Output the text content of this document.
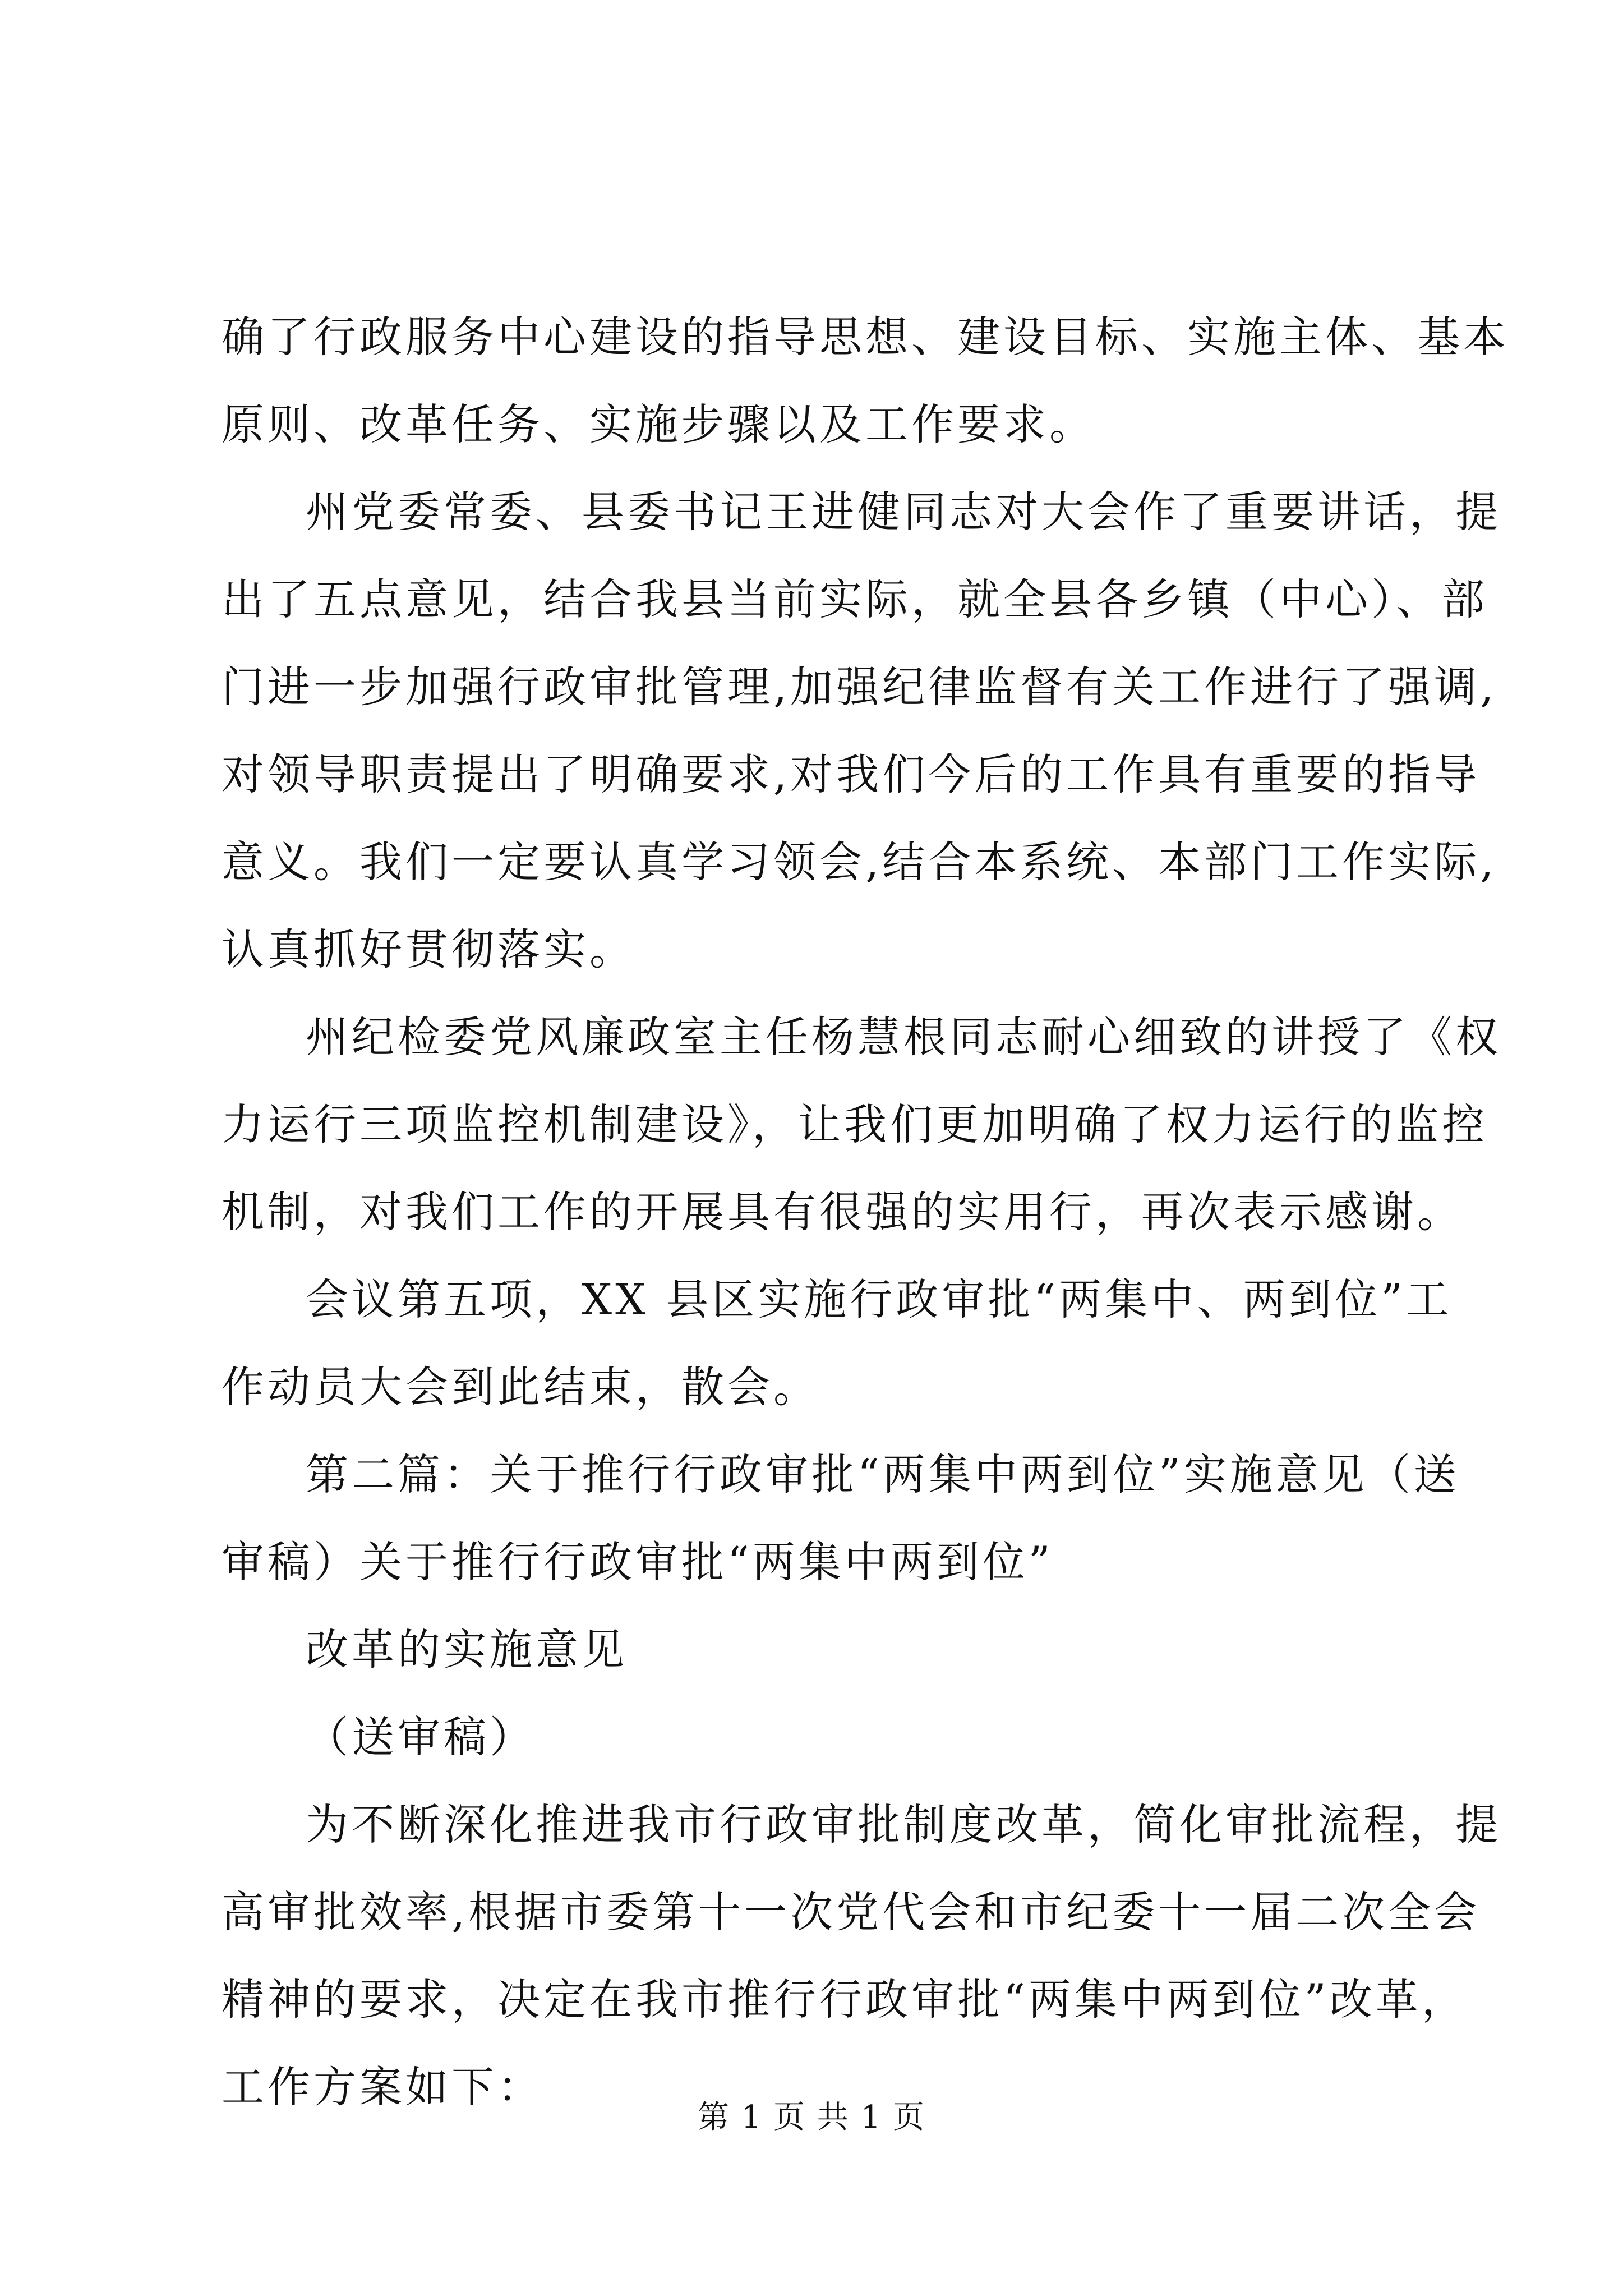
确了行政服务中心建设的指导思想、建设目标、实施主体、基本
原则、改革任务、实施步骤以及工作要求。
州党委常委、县委书记王进健同志对大会作了重要讲话，提
出了五点意见，结合我县当前实际，就全县各乡镇（中心）、部
门进一步加强行政审批管理,加强纪律监督有关工作进行了强调,
对领导职责提出了明确要求,对我们今后的工作具有重要的指导
意义。我们一定要认真学习领会,结合本系统、本部门工作实际,
认真抓好贯彻落实。
州纪检委党风廉政室主任杨慧根同志耐心细致的讲授了《权
力运行三项监控机制建设》，让我们更加明确了权力运行的监控
机制，对我们工作的开展具有很强的实用行，再次表示感谢。
会议第五项，XX 县区实施行政审批“两集中、两到位”工
作动员大会到此结束，散会。
第二篇：关于推行行政审批“两集中两到位”实施意见（送
审稿）关于推行行政审批“两集中两到位”
改革的实施意见
（送审稿）
为不断深化推进我市行政审批制度改革，简化审批流程，提
高审批效率,根据市委第十一次党代会和市纪委十一届二次全会
精神的要求，决定在我市推行行政审批“两集中两到位”改革，
工作方案如下：
第 1 页 共 1 页
